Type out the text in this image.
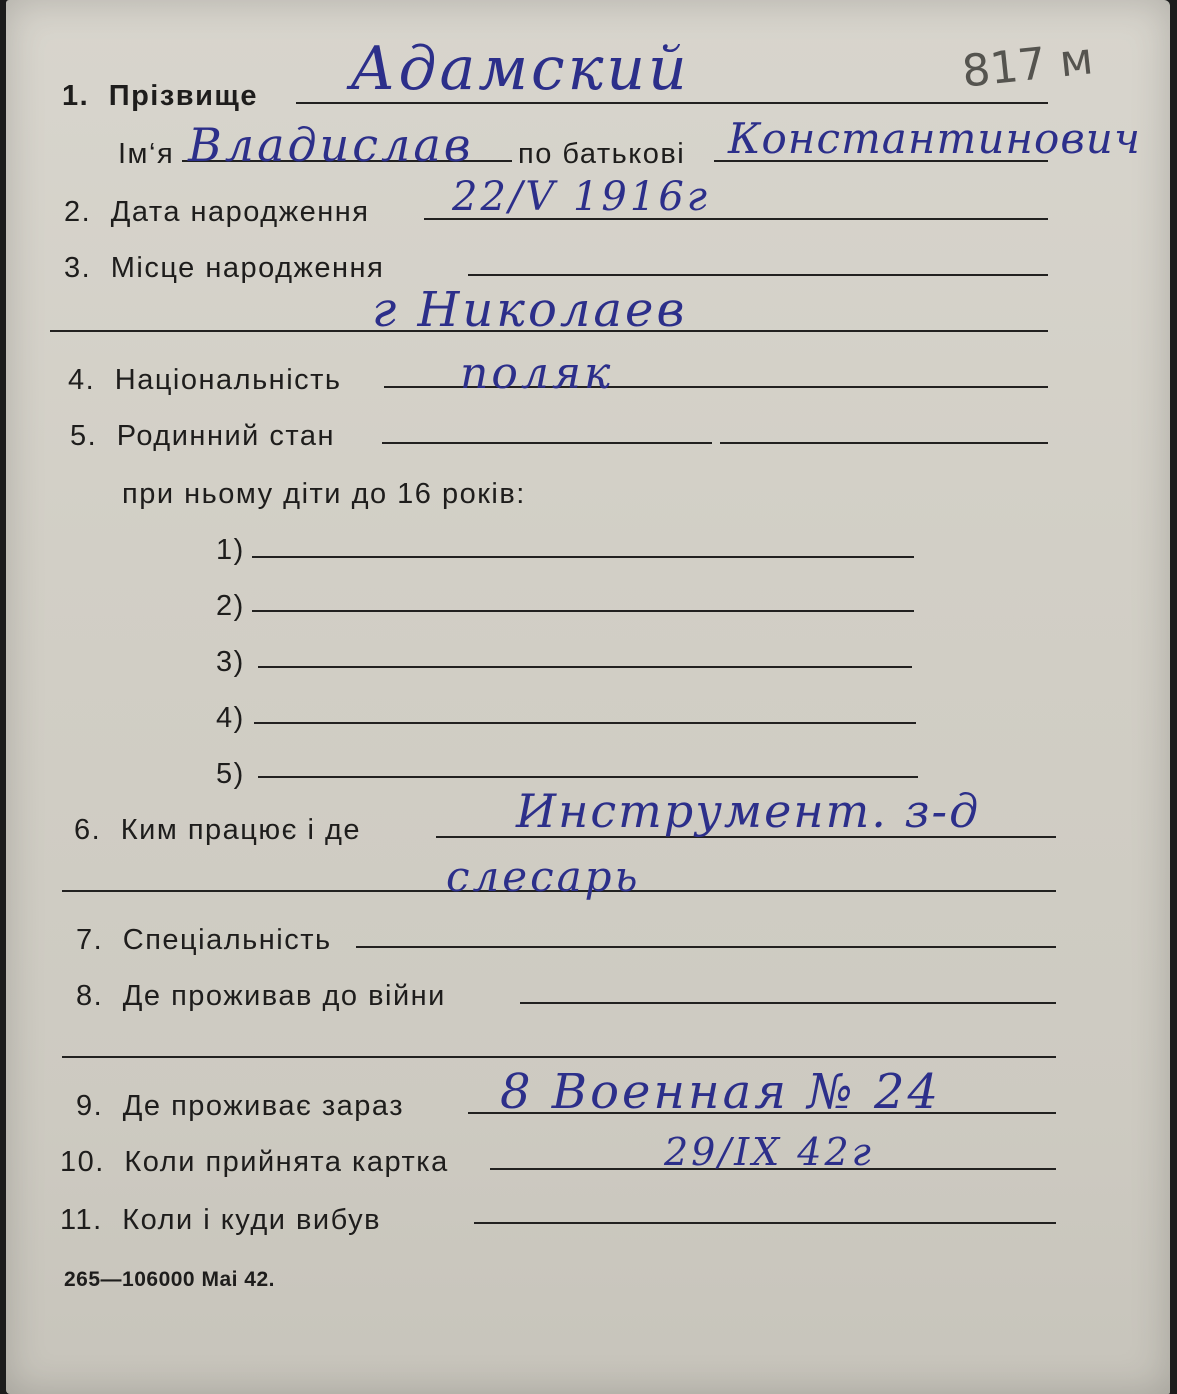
817 м
1. Прізвище Адамский
Ім‘я Владислав по батькові Константинович
2. Дата народження 22/V 1916г
3. Місце народження
г Николаев
4. Національність	поляк
5. Родинний стан
при ньому діти до 16 років:
1)
2)
3)
4)
5)
6. Ким працює і де	Инструмент. з-д
слесарь
7. Спеціальність
8. Де проживав до війни
9. Де проживає зараз 8 Военная № 24
10. Коли прийнята картка	29/IX 42г
11. Коли і куди вибув
265—106000 Mai 42.
